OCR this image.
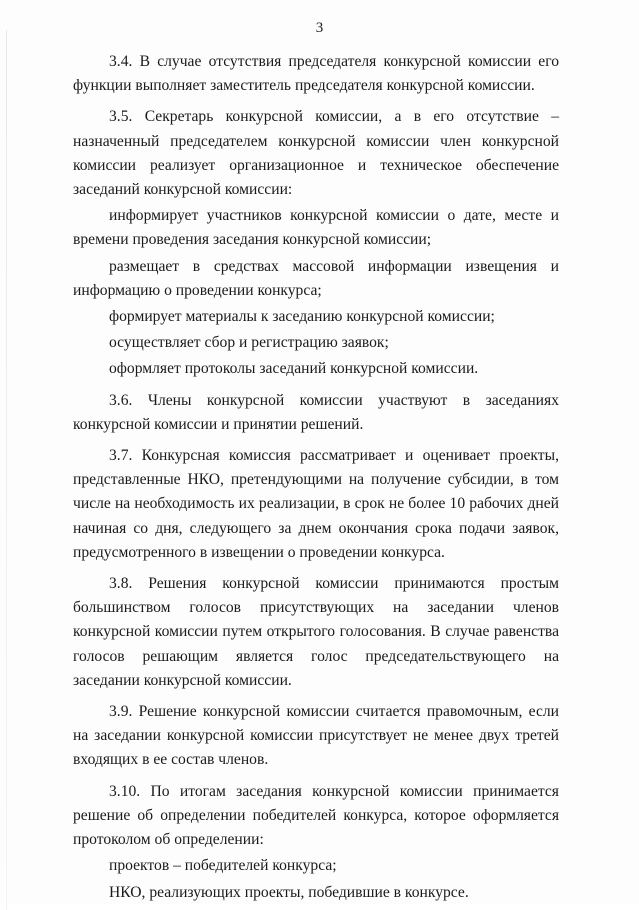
3

3.4. В случае отсутствия председателя конкурсной комиссии его функции выполняет заместитель председателя конкурсной комиссии.

3.5. Секретарь конкурсной комиссии, а в его отсутствие – назначенный председателем конкурсной комиссии член конкурсной комиссии реализует организационное и техническое обеспечение заседаний конкурсной комиссии:

информирует участников конкурсной комиссии о дате, месте и времени проведения заседания конкурсной комиссии;

размещает в средствах массовой информации извещения и информацию о проведении конкурса;

формирует материалы к заседанию конкурсной комиссии;

осуществляет сбор и регистрацию заявок;

оформляет протоколы заседаний конкурсной комиссии.

3.6. Члены конкурсной комиссии участвуют в заседаниях конкурсной комиссии и принятии решений.

3.7. Конкурсная комиссия рассматривает и оценивает проекты, представленные НКО, претендующими на получение субсидии, в том числе на необходимость их реализации, в срок не более 10 рабочих дней начиная со дня, следующего за днем окончания срока подачи заявок, предусмотренного в извещении о проведении конкурса.

3.8. Решения конкурсной комиссии принимаются простым большинством голосов присутствующих на заседании членов конкурсной комиссии путем открытого голосования. В случае равенства голосов решающим является голос председательствующего на заседании конкурсной комиссии.

3.9. Решение конкурсной комиссии считается правомочным, если на заседании конкурсной комиссии присутствует не менее двух третей входящих в ее состав членов.

3.10. По итогам заседания конкурсной комиссии принимается решение об определении победителей конкурса, которое оформляется протоколом об определении:

проектов – победителей конкурса;

НКО, реализующих проекты, победившие в конкурсе.
